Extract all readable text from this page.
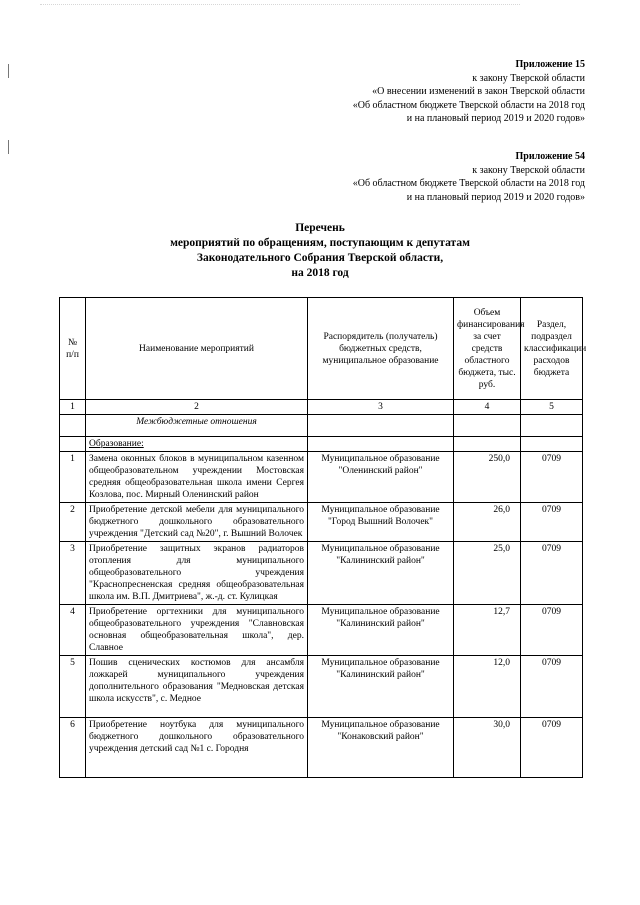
Приложение 15
к закону Тверской области
«О внесении изменений в закон Тверской области
«Об областном бюджете Тверской области на 2018 год
и на плановый период 2019 и 2020 годов»
Приложение 54
к закону Тверской области
«Об областном бюджете Тверской области на 2018 год
и на плановый период 2019 и 2020 годов»
Перечень
мероприятий по обращениям, поступающим к депутатам
Законодательного Собрания Тверской области,
на 2018 год
№ п/п	Наименование мероприятий	Распорядитель (получатель) бюджетных средств, муниципальное образование	Объем финансирования за счет средств областного бюджета, тыс. руб.	Раздел, подраздел классификации расходов бюджета
1	2	3	4	5
	Межбюджетные отношения			
	Образование:			
1	Замена оконных блоков в муниципальном казенном общеобразовательном учреждении Мостовская средняя общеобразовательная школа имени Сергея Козлова, пос. Мирный Оленинский район	Муниципальное образование "Оленинский район"	250,0	0709
2	Приобретение детской мебели для муниципального бюджетного дошкольного образовательного учреждения "Детский сад №20", г. Вышний Волочек	Муниципальное образование "Город Вышний Волочек"	26,0	0709
3	Приобретение защитных экранов радиаторов отопления для муниципального общеобразовательного учреждения "Краснопресненская средняя общеобразовательная школа им. В.П. Дмитриева", ж.-д. ст. Кулицкая	Муниципальное образование "Калининский район"	25,0	0709
4	Приобретение оргтехники для муниципального общеобразовательного учреждения "Славновская основная общеобразовательная школа", дер. Славное	Муниципальное образование "Калининский район"	12,7	0709
5	Пошив сценических костюмов для ансамбля ложкарей муниципального учреждения дополнительного образования "Медновская детская школа искусств", с. Медное	Муниципальное образование "Калининский район"	12,0	0709
6	Приобретение ноутбука для муниципального бюджетного дошкольного образовательного учреждения детский сад №1 с. Городня	Муниципальное образование "Конаковский район"	30,0	0709
